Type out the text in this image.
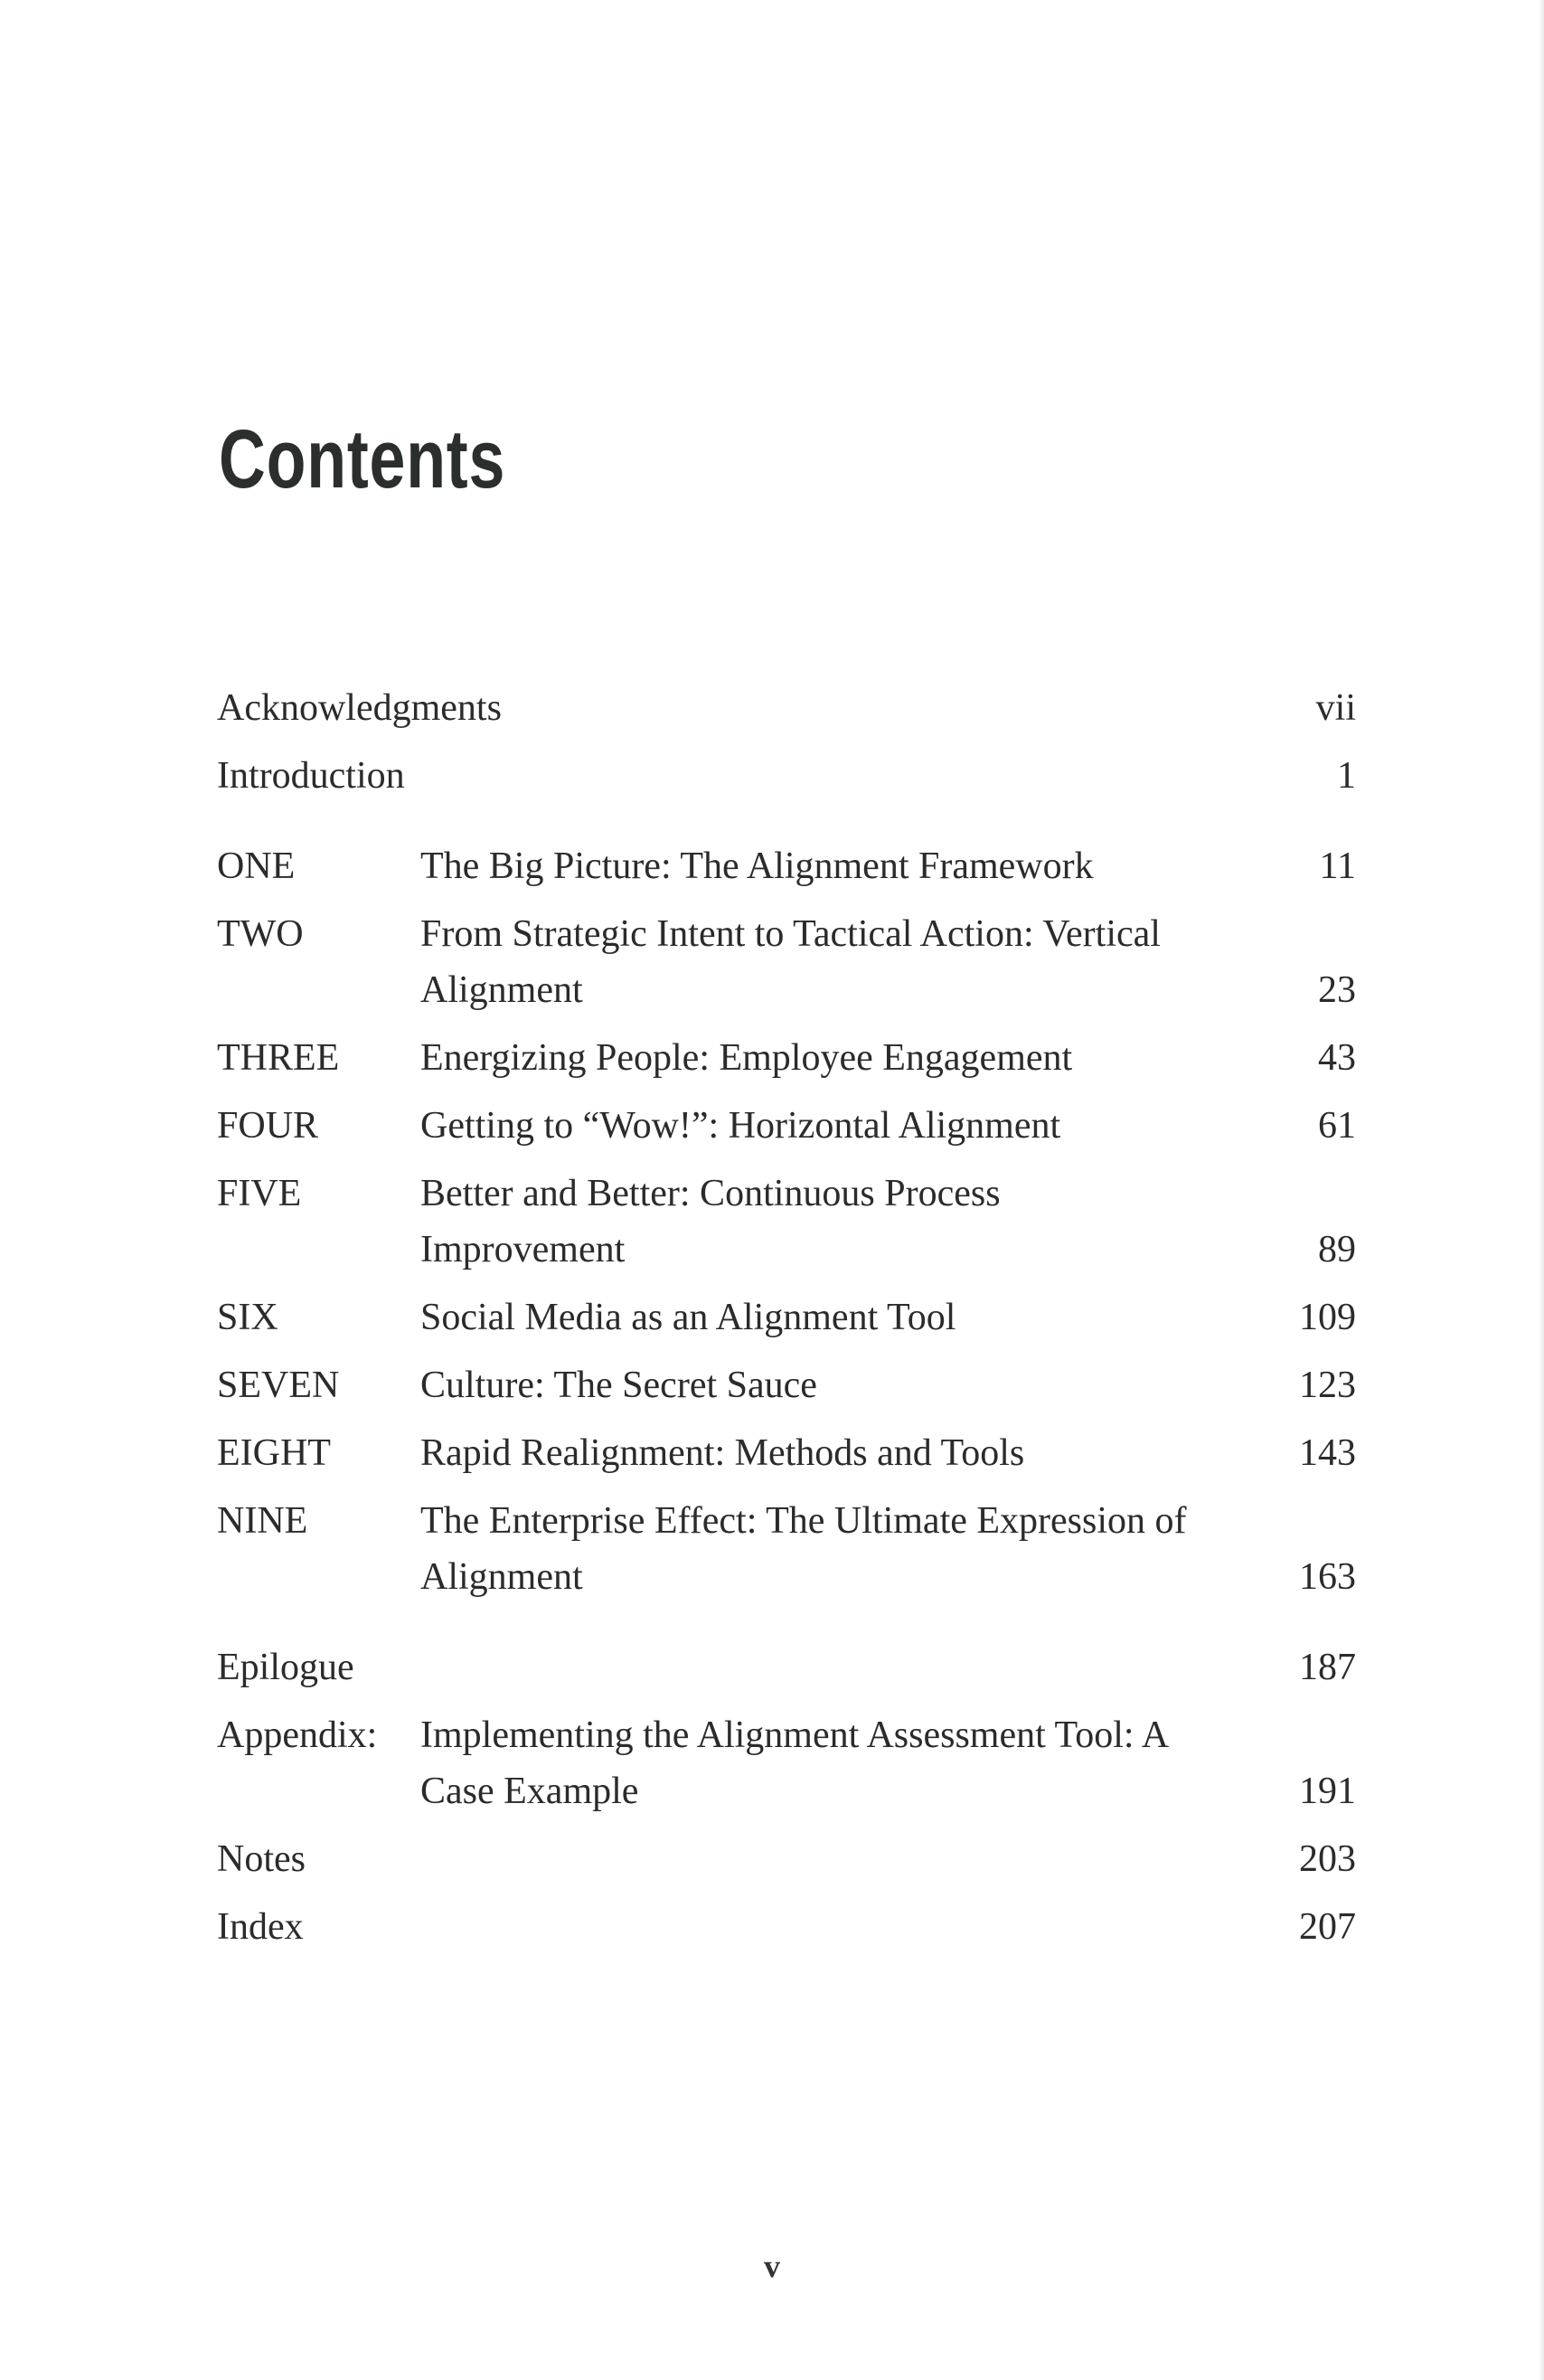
Contents
Acknowledgments	vii
Introduction	1
ONE	The Big Picture: The Alignment Framework	11
TWO	From Strategic Intent to Tactical Action: Vertical Alignment	23
THREE	Energizing People: Employee Engagement	43
FOUR	Getting to “Wow!”: Horizontal Alignment	61
FIVE	Better and Better: Continuous Process Improvement	89
SIX	Social Media as an Alignment Tool	109
SEVEN	Culture: The Secret Sauce	123
EIGHT	Rapid Realignment: Methods and Tools	143
NINE	The Enterprise Effect: The Ultimate Expression of Alignment	163
Epilogue	187
Appendix:	Implementing the Alignment Assessment Tool: A Case Example	191
Notes	203
Index	207
v
